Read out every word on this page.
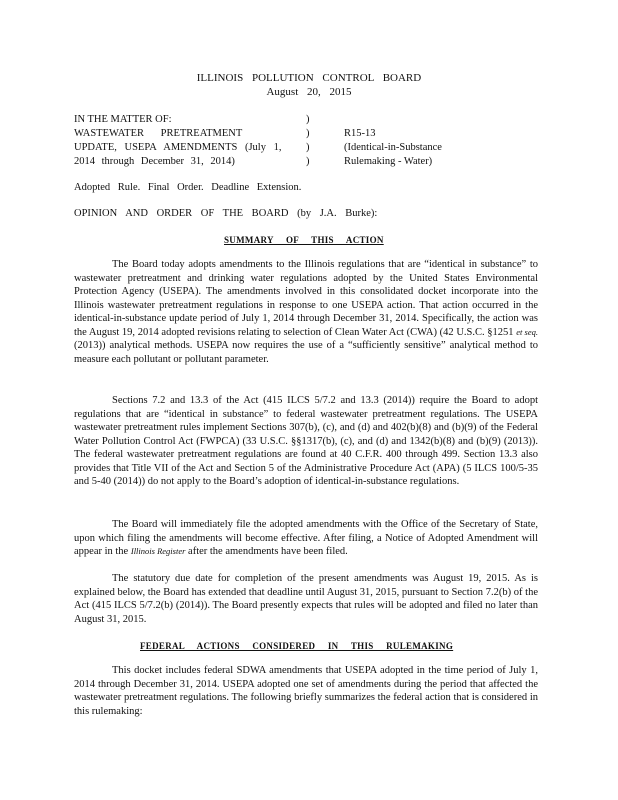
ILLINOIS POLLUTION CONTROL BOARD
August 20, 2015
IN THE MATTER OF:
WASTEWATER PRETREATMENT
UPDATE, USEPA AMENDMENTS (July 1,
2014 through December 31, 2014)
)
)
)
)
R15-13
(Identical-in-Substance
Rulemaking - Water)
Adopted Rule. Final Order. Deadline Extension.
OPINION AND ORDER OF THE BOARD (by J.A. Burke):
SUMMARY OF THIS ACTION

The Board today adopts amendments to the Illinois regulations that are “identical in substance” to wastewater pretreatment and drinking water regulations adopted by the United States Environmental Protection Agency (USEPA). The amendments involved in this consolidated docket incorporate into the Illinois wastewater pretreatment regulations in response to one USEPA action. That action occurred in the identical-in-substance update period of July 1, 2014 through December 31, 2014. Specifically, the action was the August 19, 2014 adopted revisions relating to selection of Clean Water Act (CWA) (42 U.S.C. §1251 et seq. (2013)) analytical methods. USEPA now requires the use of a “sufficiently sensitive” analytical method to measure each pollutant or pollutant parameter.

Sections 7.2 and 13.3 of the Act (415 ILCS 5/7.2 and 13.3 (2014)) require the Board to adopt regulations that are “identical in substance” to federal wastewater pretreatment regulations. The USEPA wastewater pretreatment rules implement Sections 307(b), (c), and (d) and 402(b)(8) and (b)(9) of the Federal Water Pollution Control Act (FWPCA) (33 U.S.C. §§1317(b), (c), and (d) and 1342(b)(8) and (b)(9) (2013)). The federal wastewater pretreatment regulations are found at 40 C.F.R. 400 through 499. Section 13.3 also provides that Title VII of the Act and Section 5 of the Administrative Procedure Act (APA) (5 ILCS 100/5-35 and 5-40 (2014)) do not apply to the Board’s adoption of identical-in-substance regulations.

The Board will immediately file the adopted amendments with the Office of the Secretary of State, upon which filing the amendments will become effective. After filing, a Notice of Adopted Amendment will appear in the Illinois Register after the amendments have been filed.

The statutory due date for completion of the present amendments was August 19, 2015. As is explained below, the Board has extended that deadline until August 31, 2015, pursuant to Section 7.2(b) of the Act (415 ILCS 5/7.2(b) (2014)). The Board presently expects that rules will be adopted and filed no later than August 31, 2015.

FEDERAL ACTIONS CONSIDERED IN THIS RULEMAKING

This docket includes federal SDWA amendments that USEPA adopted in the time period of July 1, 2014 through December 31, 2014. USEPA adopted one set of amendments during the period that affected the wastewater pretreatment regulations. The following briefly summarizes the federal action that is considered in this rulemaking:
